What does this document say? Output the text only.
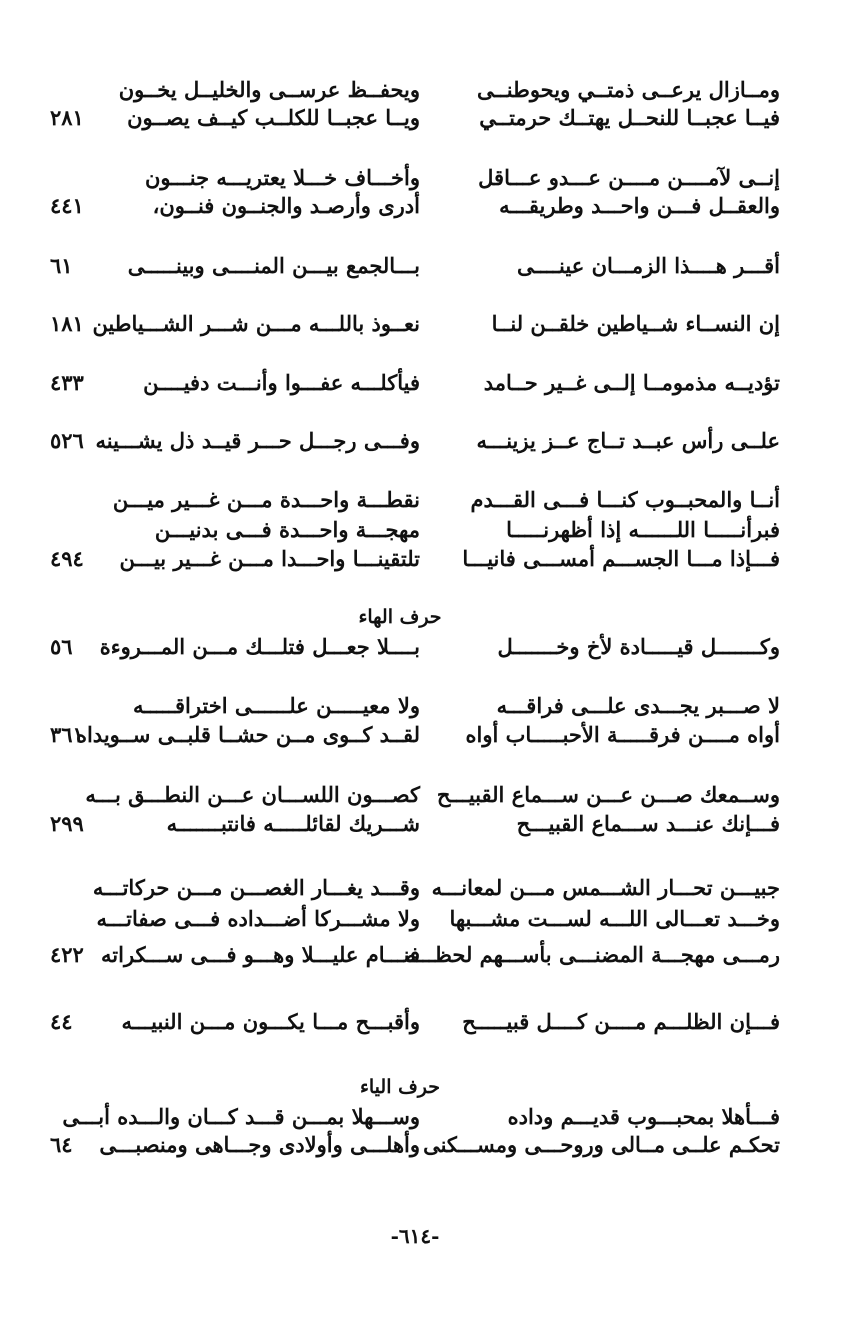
ومــازال يرعــى ذمتــي ويحوطنــى
ويحفــظ عرســى والخليــل يخــون
فيــا عجبــا للنحــل يهتــك حرمتــي
ويــا عجبــا للكلــب كيــف يصــون
٢٨١
إنــى لآمــــن مــــن عـــدو عـــاقل
وأخـــاف خـــلا يعتريـــه جنـــون
والعقــل فـــن واحـــد وطريقـــه
أدرى وأرصـد والجنــون فنــون،
٤٤١
أقـــر هــــذا الزمـــان عينــــى
بـــالجمع بيـــن المنــــى وبينـــــى
٦١
إن النســاء شــياطين خلقــن لنــا
نعــوذ باللـــه مـــن شـــر الشـــياطين
١٨١
تؤديــه مذمومــا إلــى غــير حــامد
فيأكلـــه عفـــوا وأنـــت دفيــــن
٤٣٣
علــى رأس عبــد تــاج عــز يزينـــه
وفـــى رجـــل حـــر قيــد ذل يشـــينه
٥٢٦
أنــا والمحبــوب كنـــا فـــى القـــدم
نقطـــة واحـــدة مـــن غـــير ميـــن
فبرأنـــــا اللــــــه إذا أظهرنـــــا
مهجـــة واحـــدة فـــى بدنيـــن
فـــإذا مـــا الجســـم أمســـى فانيـــا
تلتقينـــا واحـــدا مـــن غـــير بيـــن
٤٩٤
حرف الهاء
وكـــــــل قيـــــادة لأخ وخـــــــل
بــــلا جعـــل فتلـــك مـــن المـــروءة
٥٦
لا صـــبر يجـــدى علـــى فراقـــه
ولا معيـــــن علــــــى اختراقـــــه
أواه مــــن فرقـــــة الأحبـــــاب أواه
لقــد كــوى مــن حشــا قلبــى ســويداه
٣٦١
وســمعك صـــن عـــن ســـماع القبيـــح
كصـــون اللســـان عـــن النطـــق بـــه
فـــإنك عنـــد ســـماع القبيـــح
شـــريك لقائلـــــه فانتبـــــــه
٢٩٩
جبيـــن تحـــار الشـــمس مـــن لمعانـــه
وقـــد يغـــار الغصـــن مـــن حركاتـــه
وخـــد تعـــالى اللـــه لســـت مشـــبها
ولا مشـــركا أضـــداده فـــى صفاتـــه
رمـــى مهجـــة المضنـــى بأســـهم لحظـــه
فنـــام عليـــلا وهـــو فـــى ســـكراته
٤٢٢
فـــإن الظلـــم مــــن كــــل قبيـــــح
وأقبـــح مـــا يكـــون مـــن النبيـــه
٤٤
حرف الياء
فـــأهلا بمحبـــوب قديـــم وداده
وســـهلا بمـــن قـــد كـــان والـــده أبـــى
تحكـم علــى مــالى وروحـــى ومســـكنى
وأهلـــى وأولادى وجـــاهى ومنصبـــى
٦٤
-٦١٤-
